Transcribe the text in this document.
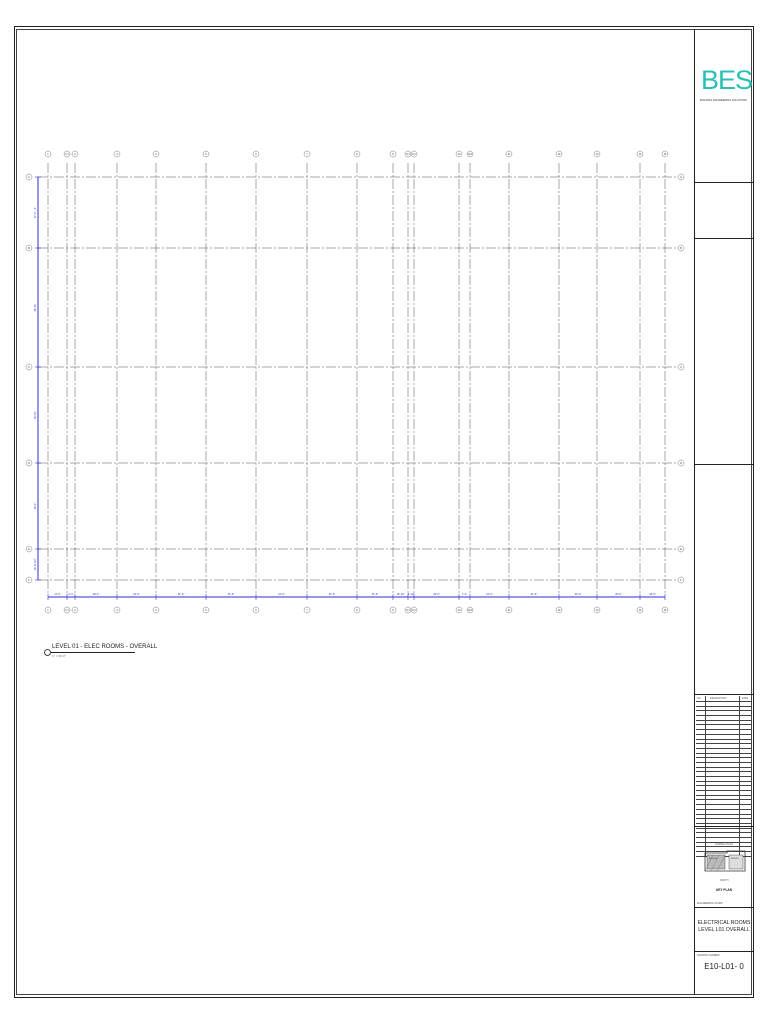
1
1
1.1
1.1
2
2
3
3
4
4
5
5
6
6
7
7
8
8
9
9
9.1
9.1
9.2
9.2
10
10
10.1
10.1
11
11
12
12
13
13
14
14
15
15
A	A
B	B
C	C
D	D
E	E
F	F
11'-6"	6'-1"	26'-0"	24'-0"	31'-6"	31'-6"	31'-6"	31'-6"	31'-6"	16'-10" 6'-10"	23'-6"	7'-0"	24'-6"	31'-6"	26'-0"	26'-0"	18'-0"
37'-0" - 4"
48'-10"
39'-10"
36'-0"
10'-11 1/2"
LEVEL 01 - ELEC ROOMS - OVERALL
1" = 30'-0"
BES
BUILDING ENGINEERING SOLUTIONS
NO.	DESCRIPTION	DATE
OVERALL PLAN
AREA A	AREA B
NORTH
KEY PLAN
ENGINEERING STAMP
ELECTRICAL ROOMS
LEVEL L01 OVERALL
DRAWING NUMBER
E10-L01- 0
